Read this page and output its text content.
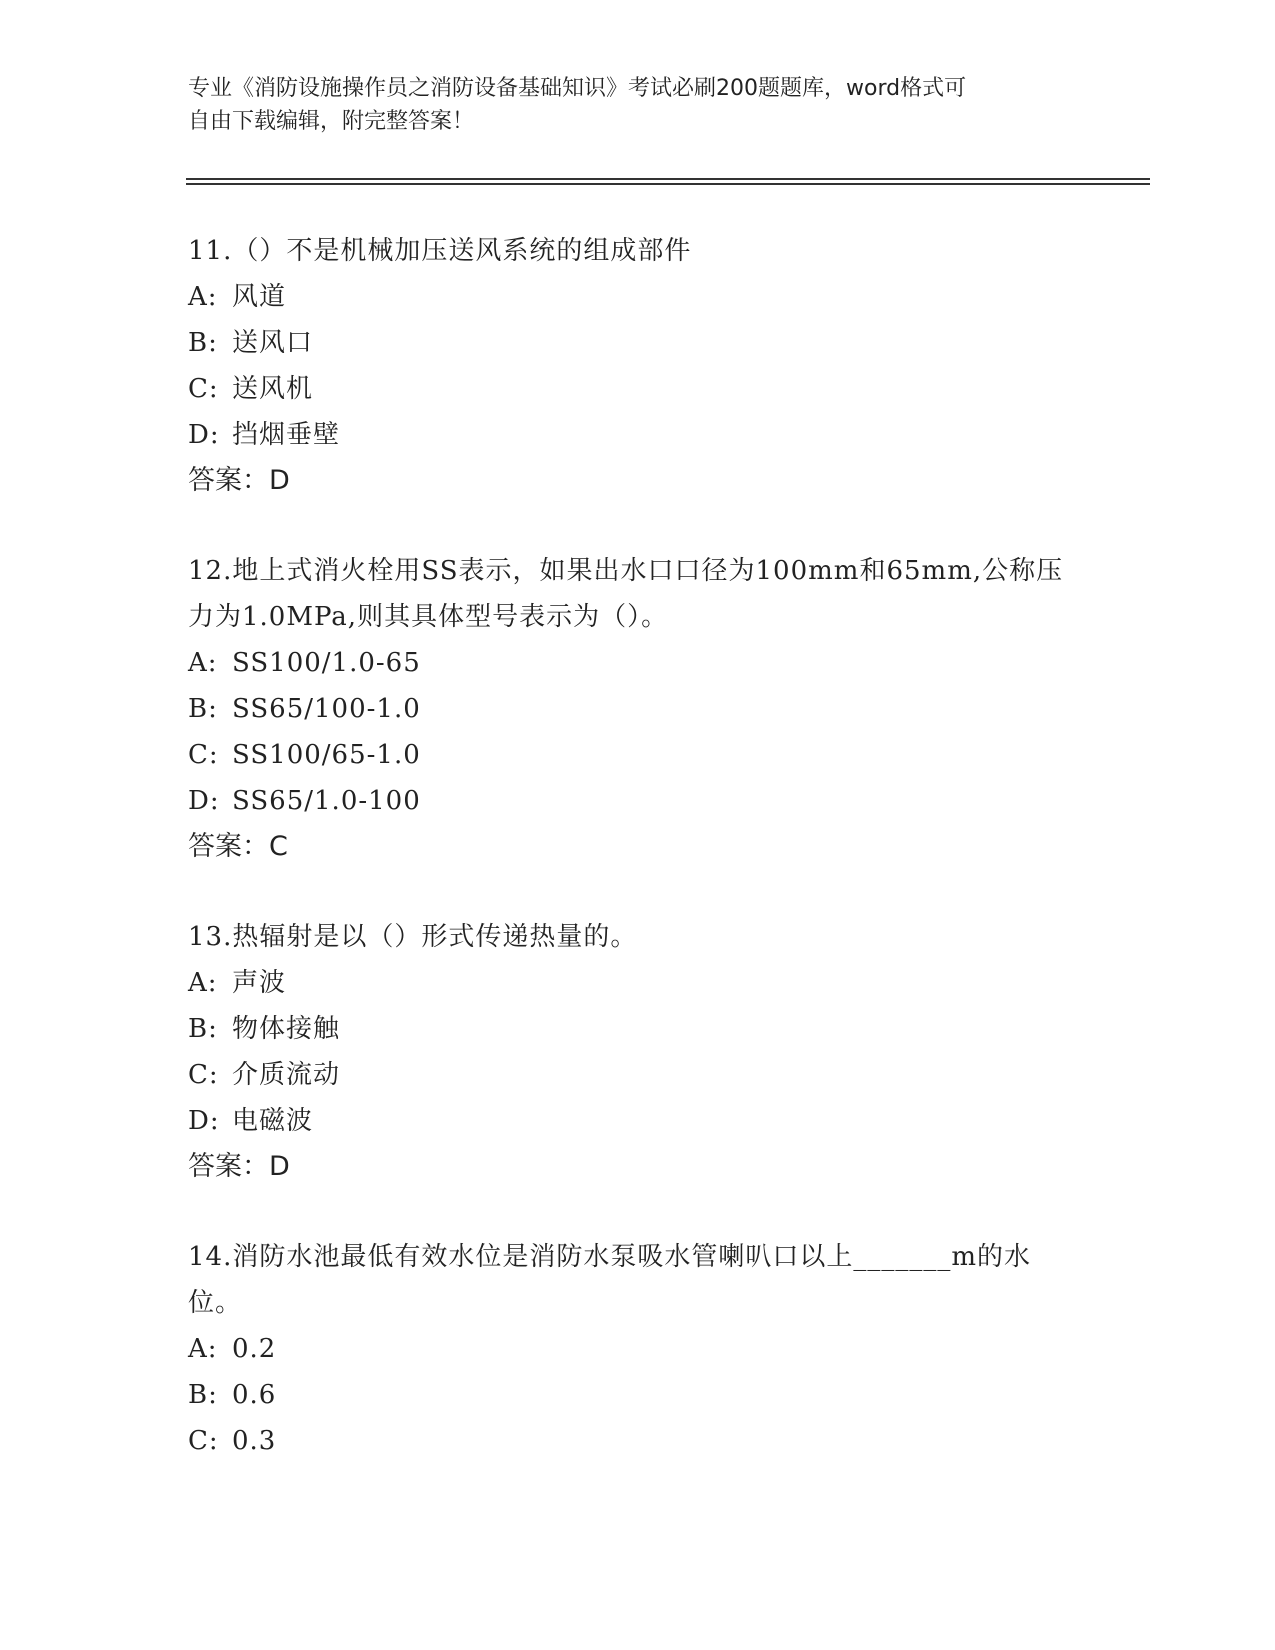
专业《消防设施操作员之消防设备基础知识》考试必刷200题题库，word格式可
自由下载编辑，附完整答案！
11.（）不是机械加压送风系统的组成部件
A: 风道
B: 送风口
C: 送风机
D: 挡烟垂壁
答案：D
12.地上式消火栓用SS表示，如果出水口口径为100mm和65mm,公称压
力为1.0MPa,则其具体型号表示为（）。
A: SS100/1.0-65
B: SS65/100-1.0
C: SS100/65-1.0
D: SS65/1.0-100
答案：C
13.热辐射是以（）形式传递热量的。
A: 声波
B: 物体接触
C: 介质流动
D: 电磁波
答案：D
14.消防水池最低有效水位是消防水泵吸水管喇叭口以上_______m的水
位。
A: 0.2
B: 0.6
C: 0.3
